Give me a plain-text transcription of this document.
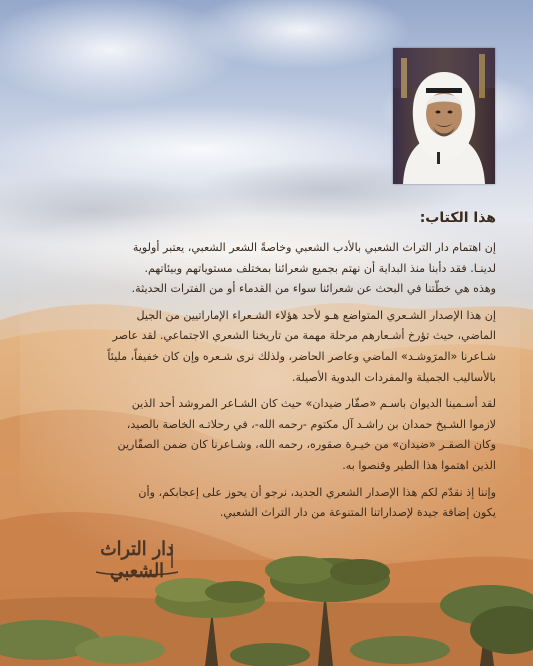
هذا الكتاب:
إن اهتمام دار التراث الشعبي بالأدب الشعبي وخاصةً الشعر الشعبي، يعتبر أولوية
لدينـا. فقد دأبنا منذ البداية أن نهتم بجميع شعرائنا بمختلف مستوياتهم وبيئاتهم.
وهذه هي خطّتنا في البحث عن شعرائنا سواء من القدماء أو من الفترات الحديثة.
إن هذا الإصدار الشـعري المتواضع هـو لأحد هؤلاء الشـعراء الإماراتيين من الجيل
الماضي، حيث تؤرخ أشـعارهم مرحلة مهمة من تاريخنا الشعري الاجتماعي. لقد عاصر
شـاعرنا «المرَوشـد» الماضي وعاصر الحاضر، ولذلك نرى شـعره وإن كان خفيفاً، مليئاً
بالأساليب الجميلة والمفردات البدوية الأصيلة.
لقد أسـمينا الديوان باسـم «صقّار ضيدان» حيث كان الشـاعر المروشد أحد الذين
لازموا الشـيخ حمدان بن راشـد آل مكتوم -رحمه الله-، في رحلاتـه الخاصة بالصيد،
وكان الصقـر «ضيدان» من خيـرة صقوره، رحمه الله، وشـاعرنا كان ضمن الصقّارين
الذين اهتموا هذا الطير وقنصوا به.
وإننا إذ نقدّم لكم هذا الإصدار الشعري الجديد، نرجو أن يحوز على إعجابكم، وأن
يكون إضافة جيدة لإصداراتنا المتنوعة من دار التراث الشعبي.
دار التراث الشعبي
